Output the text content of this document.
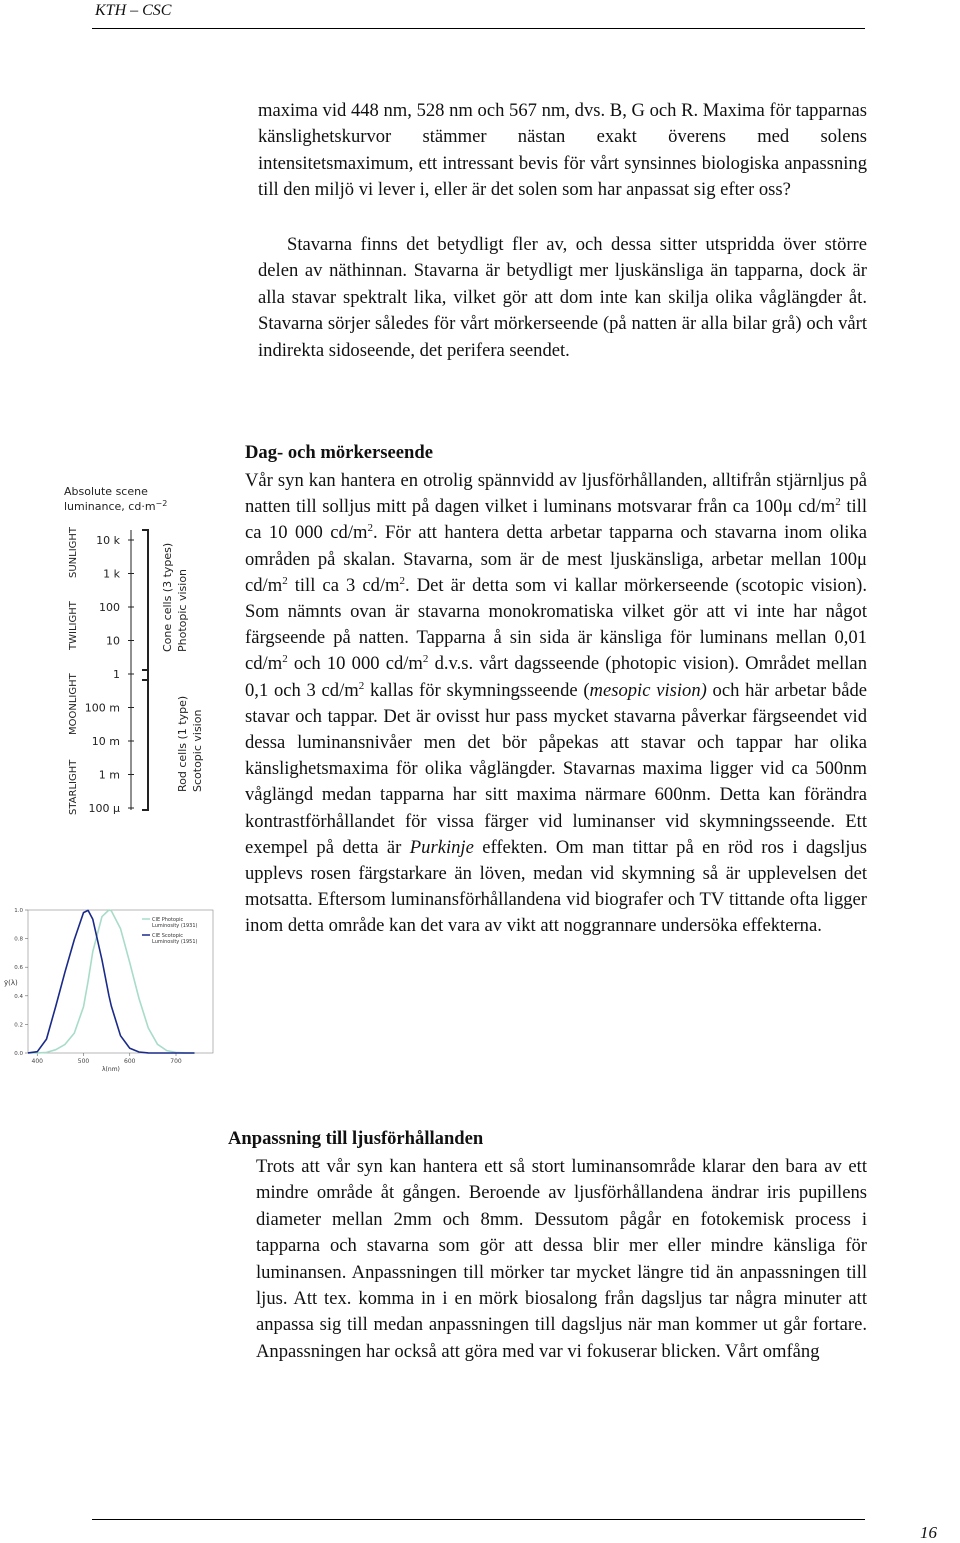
KTH – CSC

maxima vid 448 nm, 528 nm och 567 nm, dvs. B, G och R. Maxima för tapparnas känslighetskurvor stämmer nästan exakt överens med solens intensitetsmaximum, ett intressant bevis för vårt synsinnes biologiska anpassning till den miljö vi lever i, eller är det solen som har anpassat sig efter oss?

Stavarna finns det betydligt fler av, och dessa sitter utspridda över större delen av näthinnan. Stavarna är betydligt mer ljuskänsliga än tapparna, dock är alla stavar spektralt lika, vilket gör att dom inte kan skilja olika våglängder åt. Stavarna sörjer således för vårt mörkerseende (på natten är alla bilar grå) och vårt indirekta sidoseende, det perifera seendet.

Absolute scene
luminance, $cd\cdot m^{-2}$
STARLIGHT
MOONLIGHT
TWILIGHT
SUNLIGHT 10 k
1 k
100
10
1
100 m
10 m
1 m
100 μ
Cone cells (3 types) Photopic vision
Rod cells (1 type) Scotopic vision
400	500	600	700
0.0
0.2
0.4
0.6
0.8
1.0
CIE Photopic
Luminosity (1931)
CIE Scotopic
Luminosity (1951)
ȳ(λ)
λ(nm)
Dag- och mörkerseende

Vår syn kan hantera en otrolig spännvidd av ljusförhållanden, alltifrån stjärnljus på natten till solljus mitt på dagen vilket i luminans motsvarar från ca 100μ $cd/m^2$ till ca 10 000 $cd/m^2$. För att hantera detta arbetar tapparna och stavarna inom olika områden på skalan. Stavarna, som är de mest ljuskänsliga, arbetar mellan 100μ $cd/m^2$ till ca 3 $cd/m^2$. Det är detta som vi kallar mörkerseende (scotopic vision). Som nämnts ovan är stavarna monokromatiska vilket gör att vi inte har något färgseende på natten. Tapparna å sin sida är känsliga för luminans mellan 0,01 $cd/m^2$ och 10 000 $cd/m^2$ d.v.s. vårt dagsseende (photopic vision). Området mellan 0,1 och 3 $cd/m^2$ kallas för skymningsseende (mesopic vision) och här arbetar både stavar och tappar. Det är ovisst hur pass mycket stavarna påverkar färgseendet vid dessa luminansnivåer men det bör påpekas att stavar och tappar har olika känslighetsmaxima för olika våglängder. Stavarnas maxima ligger vid ca 500nm våglängd medan tapparna har sitt maxima närmare 600nm. Detta kan förändra kontrastförhållandet för vissa färger vid luminanser vid skymningsseende. Ett exempel på detta är Purkinje effekten. Om man tittar på en röd ros i dagsljus upplevs rosen färgstarkare än löven, medan vid skymning så är upplevelsen det motsatta. Eftersom luminansförhållandena vid biografer och TV tittande ofta ligger inom detta område kan det vara av vikt att noggrannare undersöka effekterna.

Anpassning till ljusförhållanden

Trots att vår syn kan hantera ett så stort luminansområde klarar den bara av ett mindre område åt gången. Beroende av ljusförhållandena ändrar iris pupillens diameter mellan 2mm och 8mm. Dessutom pågår en fotokemisk process i tapparna och stavarna som gör att dessa blir mer eller mindre känsliga för luminansen. Anpassningen till mörker tar mycket längre tid än anpassningen till ljus. Att tex. komma in i en mörk biosalong från dagsljus tar några minuter att anpassa sig till medan anpassningen till dagsljus när man kommer ut går fortare. Anpassningen har också att göra med var vi fokuserar blicken. Vårt omfång

16
